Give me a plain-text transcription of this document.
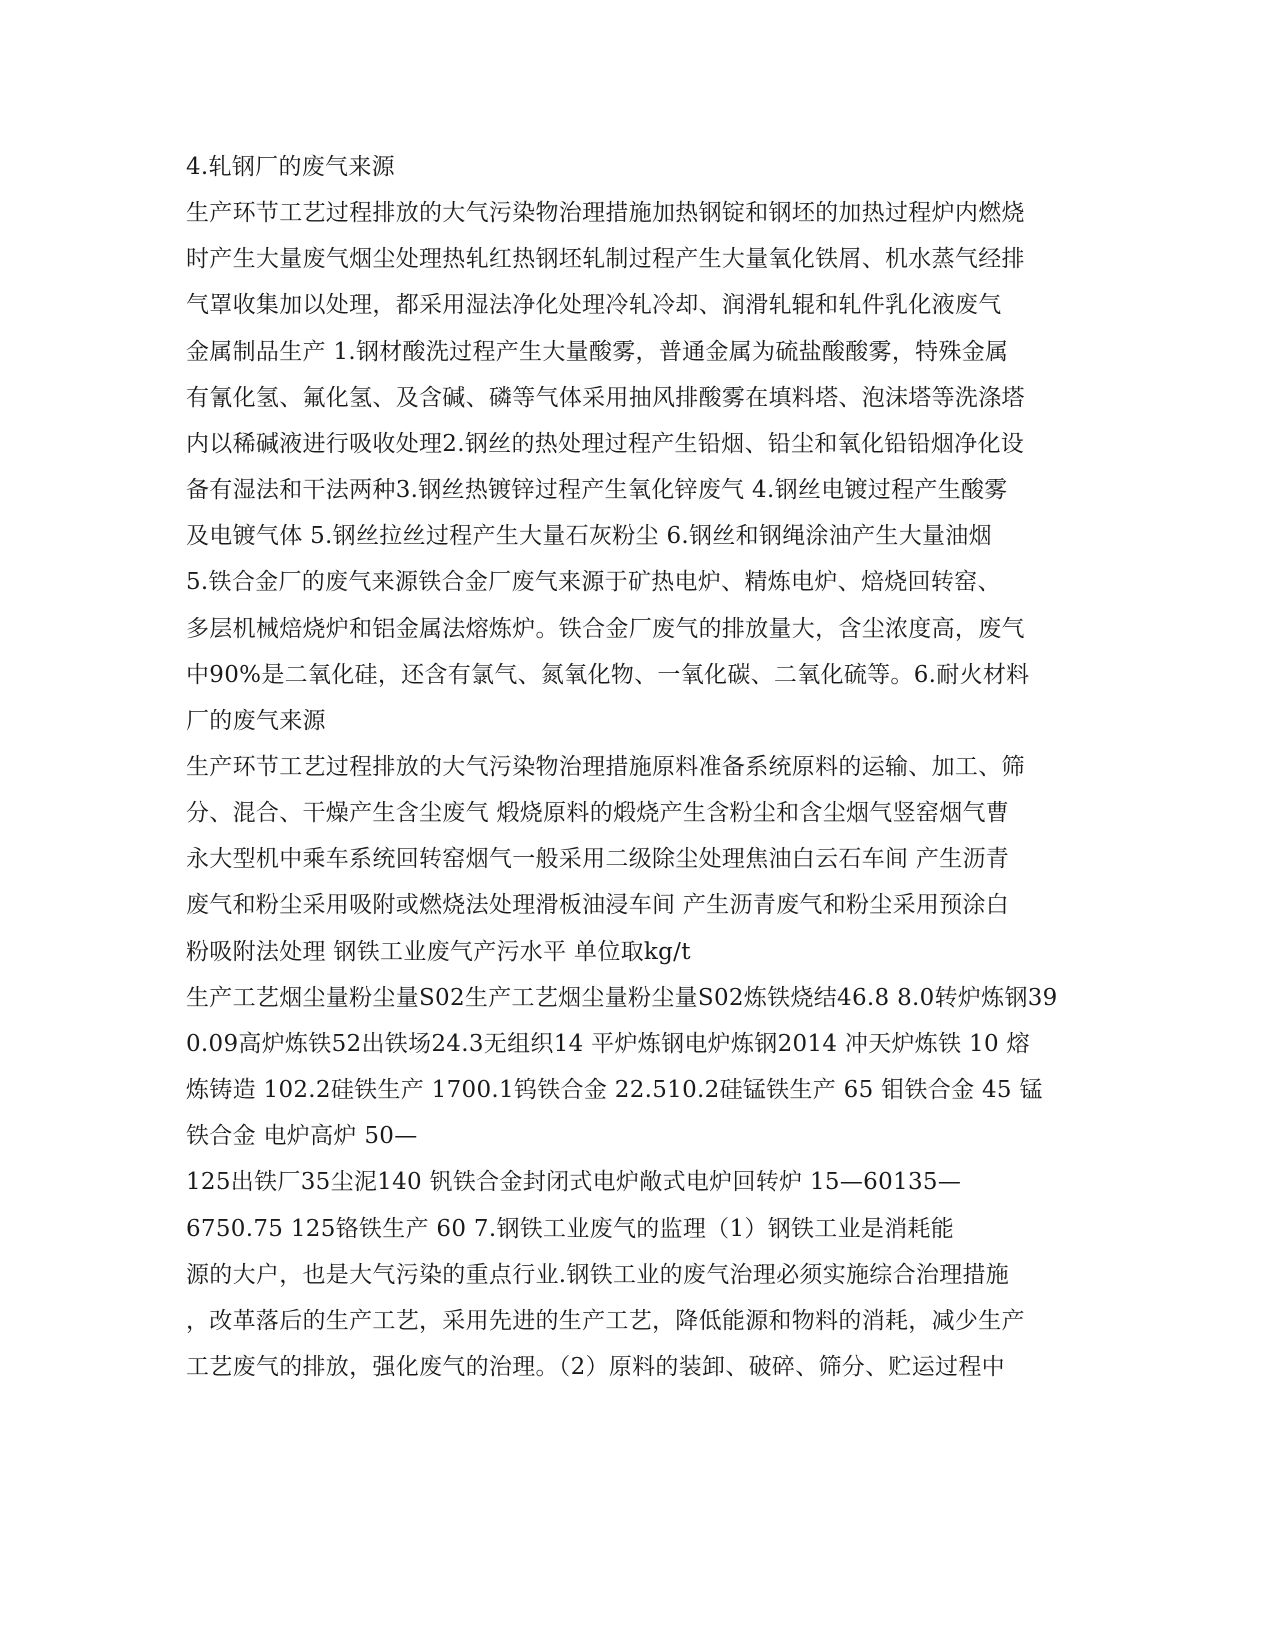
4.轧钢厂的废气来源
生产环节工艺过程排放的大气污染物治理措施加热钢锭和钢坯的加热过程炉内燃烧
时产生大量废气烟尘处理热轧红热钢坯轧制过程产生大量氧化铁屑、机水蒸气经排
气罩收集加以处理，都采用湿法净化处理冷轧冷却、润滑轧辊和轧件乳化液废气
金属制品生产 1.钢材酸洗过程产生大量酸雾，普通金属为硫盐酸酸雾，特殊金属
有氰化氢、氟化氢、及含碱、磷等气体采用抽风排酸雾在填料塔、泡沫塔等洗涤塔
内以稀碱液进行吸收处理2.钢丝的热处理过程产生铅烟、铅尘和氧化铅铅烟净化设
备有湿法和干法两种3.钢丝热镀锌过程产生氧化锌废气 4.钢丝电镀过程产生酸雾
及电镀气体 5.钢丝拉丝过程产生大量石灰粉尘 6.钢丝和钢绳涂油产生大量油烟
5.铁合金厂的废气来源铁合金厂废气来源于矿热电炉、精炼电炉、焙烧回转窑、
多层机械焙烧炉和铝金属法熔炼炉。铁合金厂废气的排放量大，含尘浓度高，废气
中90%是二氧化硅，还含有氯气、氮氧化物、一氧化碳、二氧化硫等。6.耐火材料
厂的废气来源
生产环节工艺过程排放的大气污染物治理措施原料准备系统原料的运输、加工、筛
分、混合、干燥产生含尘废气 煅烧原料的煅烧产生含粉尘和含尘烟气竖窑烟气曹
永大型机中乘车系统回转窑烟气一般采用二级除尘处理焦油白云石车间 产生沥青
废气和粉尘采用吸附或燃烧法处理滑板油浸车间 产生沥青废气和粉尘采用预涂白
粉吸附法处理 钢铁工业废气产污水平 单位取kg/t
生产工艺烟尘量粉尘量S02生产工艺烟尘量粉尘量S02炼铁烧结46.8 8.0转炉炼钢39
0.09高炉炼铁52出铁场24.3无组织14 平炉炼钢电炉炼钢2014 冲天炉炼铁 10 熔
炼铸造 102.2硅铁生产 1700.1钨铁合金 22.510.2硅锰铁生产 65 钼铁合金 45 锰
铁合金 电炉高炉 50—
125出铁厂35尘泥140 钒铁合金封闭式电炉敞式电炉回转炉 15—60135—
6750.75 125铬铁生产 60 7.钢铁工业废气的监理（1）钢铁工业是消耗能
源的大户，也是大气污染的重点行业.钢铁工业的废气治理必须实施综合治理措施
，改革落后的生产工艺，采用先进的生产工艺，降低能源和物料的消耗，减少生产
工艺废气的排放，强化废气的治理。（2）原料的装卸、破碎、筛分、贮运过程中
